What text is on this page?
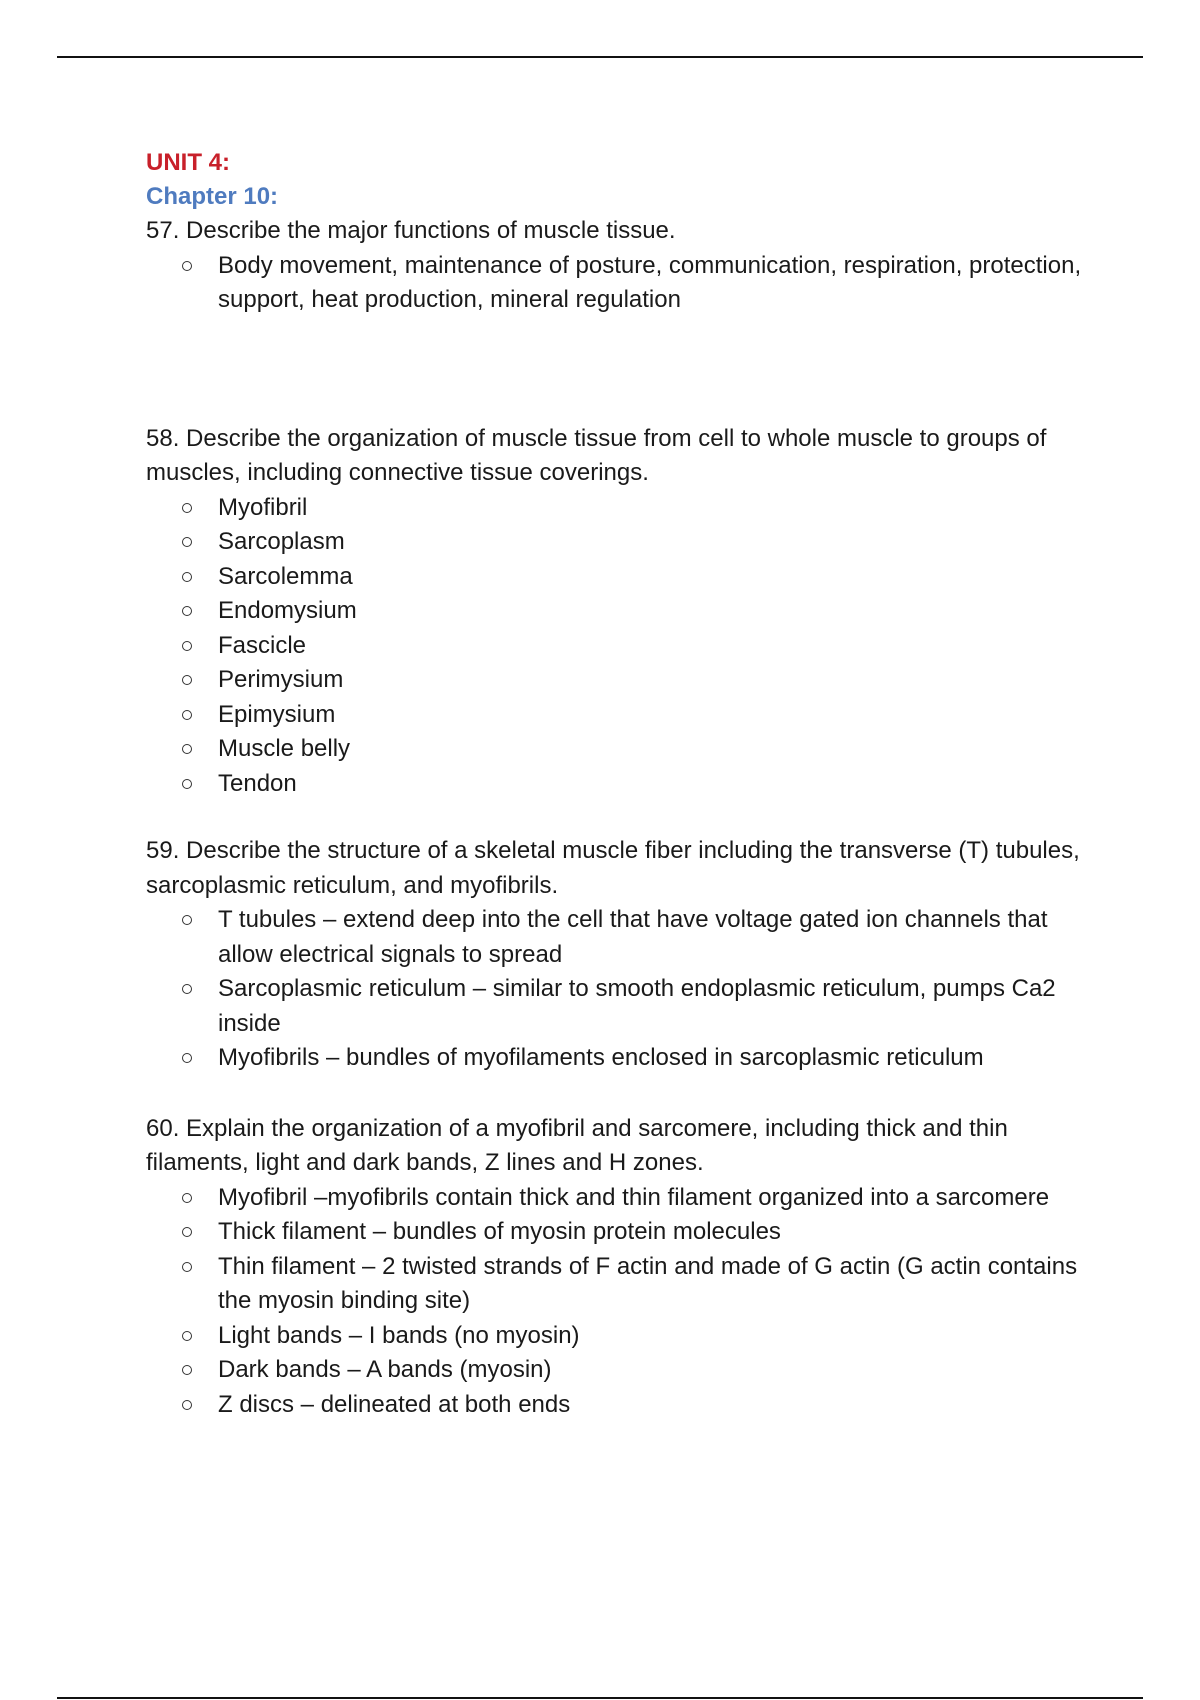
UNIT 4:
Chapter 10:

57. Describe the major functions of muscle tissue.

Body movement, maintenance of posture, communication, respiration, protection, support, heat production, mineral regulation

58. Describe the organization of muscle tissue from cell to whole muscle to groups of muscles, including connective tissue coverings.

Myofibril
Sarcoplasm
Sarcolemma
Endomysium
Fascicle
Perimysium
Epimysium
Muscle belly
Tendon

59. Describe the structure of a skeletal muscle fiber including the transverse (T) tubules, sarcoplasmic reticulum, and myofibrils.

T tubules – extend deep into the cell that have voltage gated ion channels that allow electrical signals to spread
Sarcoplasmic reticulum – similar to smooth endoplasmic reticulum, pumps Ca2 inside
Myofibrils – bundles of myofilaments enclosed in sarcoplasmic reticulum

60. Explain the organization of a myofibril and sarcomere, including thick and thin filaments, light and dark bands, Z lines and H zones.

Myofibril –myofibrils contain thick and thin filament organized into a sarcomere
Thick filament – bundles of myosin protein molecules
Thin filament – 2 twisted strands of F actin and made of G actin (G actin contains the myosin binding site)
Light bands – I bands (no myosin)
Dark bands – A bands (myosin)
Z discs – delineated at both ends
